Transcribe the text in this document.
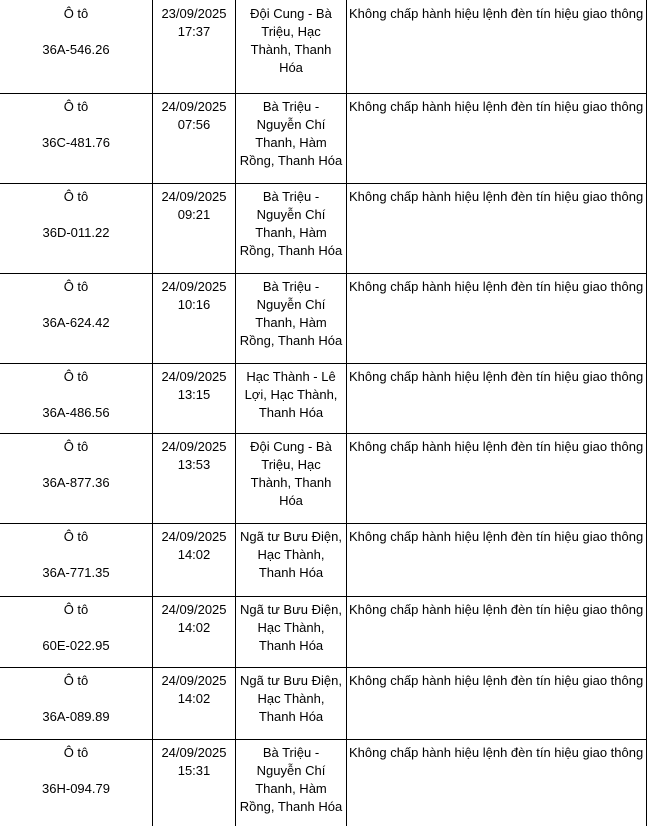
Ô tô
36A-546.26
23/09/2025
17:37
Đội Cung - Bà
Triệu, Hạc
Thành, Thanh
Hóa
Không chấp hành hiệu lệnh đèn tín hiệu giao thông
Ô tô
36C-481.76
24/09/2025
07:56
Bà Triệu -
Nguyễn Chí
Thanh, Hàm
Rồng, Thanh Hóa
Không chấp hành hiệu lệnh đèn tín hiệu giao thông
Ô tô
36D-011.22
24/09/2025
09:21
Bà Triệu -
Nguyễn Chí
Thanh, Hàm
Rồng, Thanh Hóa
Không chấp hành hiệu lệnh đèn tín hiệu giao thông
Ô tô
36A-624.42
24/09/2025
10:16
Bà Triệu -
Nguyễn Chí
Thanh, Hàm
Rồng, Thanh Hóa
Không chấp hành hiệu lệnh đèn tín hiệu giao thông
Ô tô
36A-486.56
24/09/2025
13:15
Hạc Thành - Lê
Lợi, Hạc Thành,
Thanh Hóa
Không chấp hành hiệu lệnh đèn tín hiệu giao thông
Ô tô
36A-877.36
24/09/2025
13:53
Đội Cung - Bà
Triệu, Hạc
Thành, Thanh
Hóa
Không chấp hành hiệu lệnh đèn tín hiệu giao thông
Ô tô
36A-771.35
24/09/2025
14:02
Ngã tư Bưu Điện,
Hạc Thành,
Thanh Hóa
Không chấp hành hiệu lệnh đèn tín hiệu giao thông
Ô tô
60E-022.95
24/09/2025
14:02
Ngã tư Bưu Điện,
Hạc Thành,
Thanh Hóa
Không chấp hành hiệu lệnh đèn tín hiệu giao thông
Ô tô
36A-089.89
24/09/2025
14:02
Ngã tư Bưu Điện,
Hạc Thành,
Thanh Hóa
Không chấp hành hiệu lệnh đèn tín hiệu giao thông
Ô tô
36H-094.79
24/09/2025
15:31
Bà Triệu -
Nguyễn Chí
Thanh, Hàm
Rồng, Thanh Hóa
Không chấp hành hiệu lệnh đèn tín hiệu giao thông
